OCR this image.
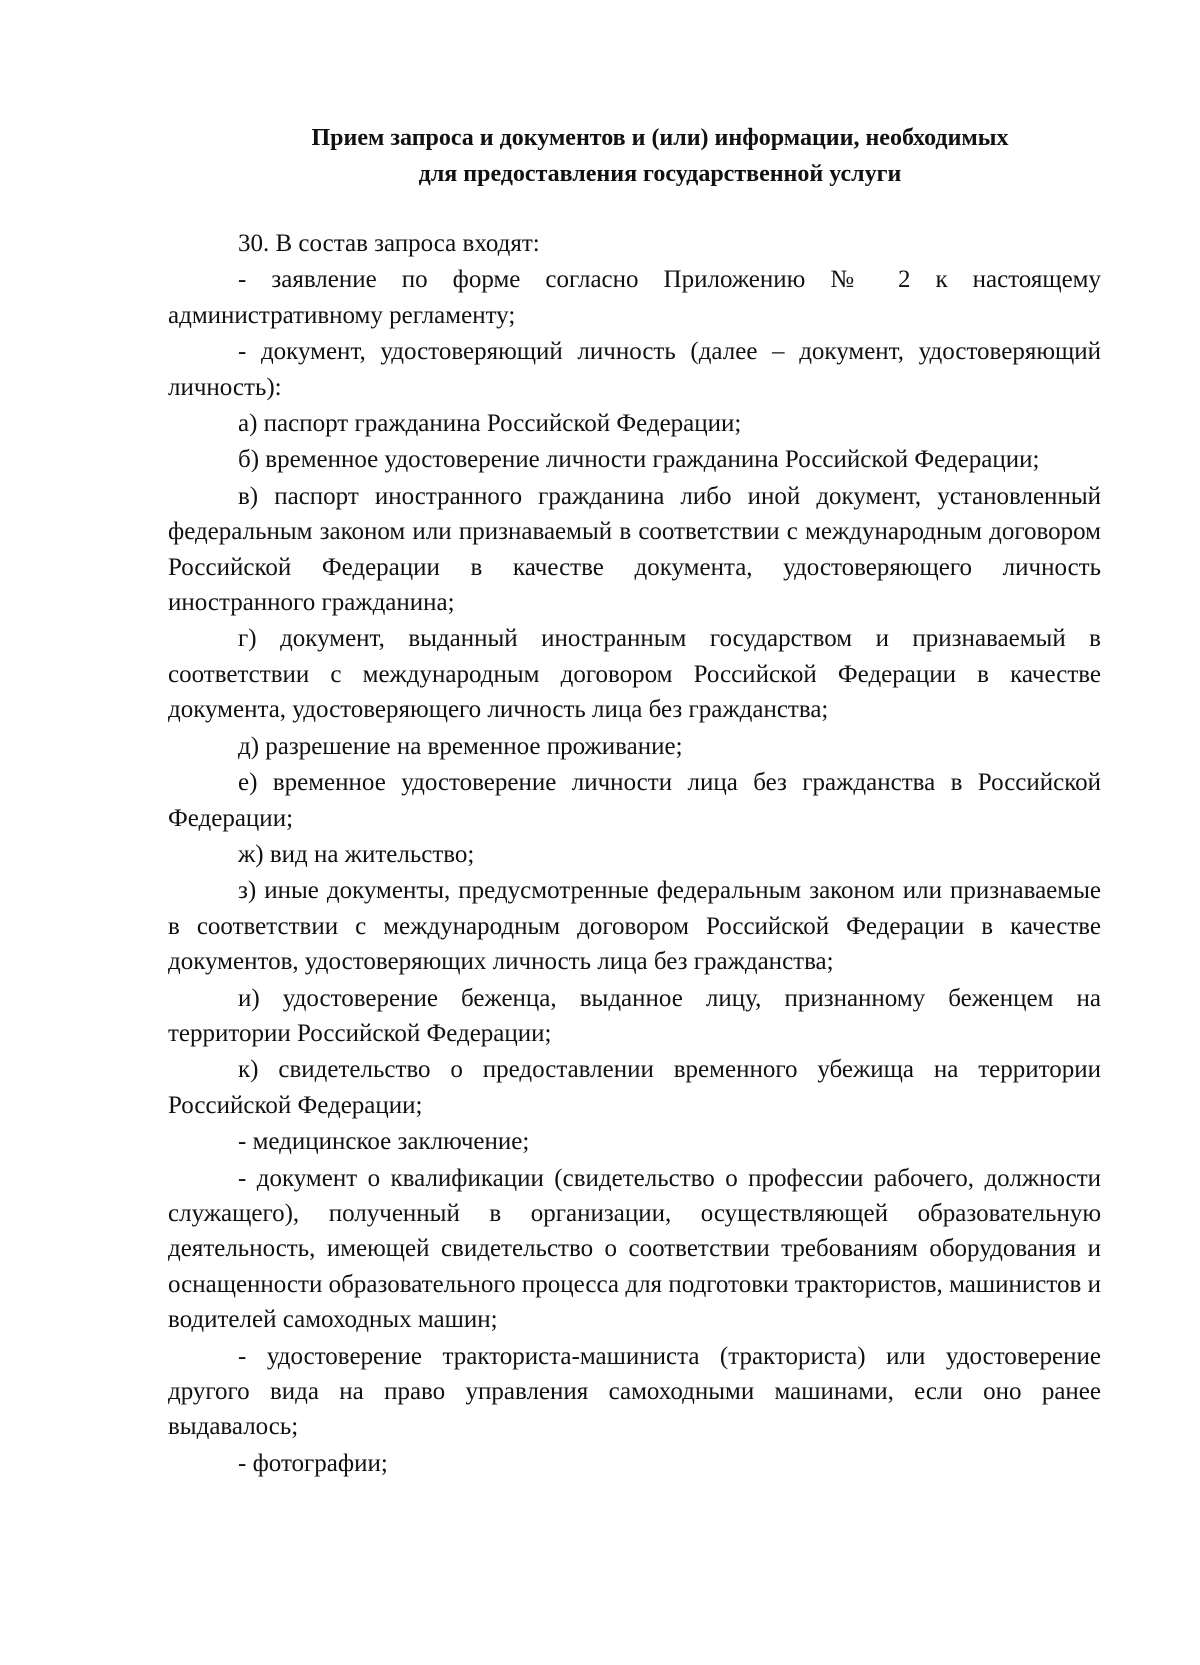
Прием запроса и документов и (или) информации, необходимых
для предоставления государственной услуги

30. В состав запроса входят:

- заявление по форме согласно Приложению № 2 к настоящему административному регламенту;

- документ, удостоверяющий личность (далее – документ, удостоверяющий личность):

а) паспорт гражданина Российской Федерации;

б) временное удостоверение личности гражданина Российской Федерации;

в) паспорт иностранного гражданина либо иной документ, установленный федеральным законом или признаваемый в соответствии с международным договором Российской Федерации в качестве документа, удостоверяющего личность иностранного гражданина;

г) документ, выданный иностранным государством и признаваемый в соответствии с международным договором Российской Федерации в качестве документа, удостоверяющего личность лица без гражданства;

д) разрешение на временное проживание;

е) временное удостоверение личности лица без гражданства в Российской Федерации;

ж) вид на жительство;

з) иные документы, предусмотренные федеральным законом или признаваемые в соответствии с международным договором Российской Федерации в качестве документов, удостоверяющих личность лица без гражданства;

и) удостоверение беженца, выданное лицу, признанному беженцем на территории Российской Федерации;

к) свидетельство о предоставлении временного убежища на территории Российской Федерации;

- медицинское заключение;

- документ о квалификации (свидетельство о профессии рабочего, должности служащего), полученный в организации, осуществляющей образовательную деятельность, имеющей свидетельство о соответствии требованиям оборудования и оснащенности образовательного процесса для подготовки трактористов, машинистов и водителей самоходных машин;

- удостоверение тракториста-машиниста (тракториста) или удостоверение другого вида на право управления самоходными машинами, если оно ранее выдавалось;

- фотографии;
